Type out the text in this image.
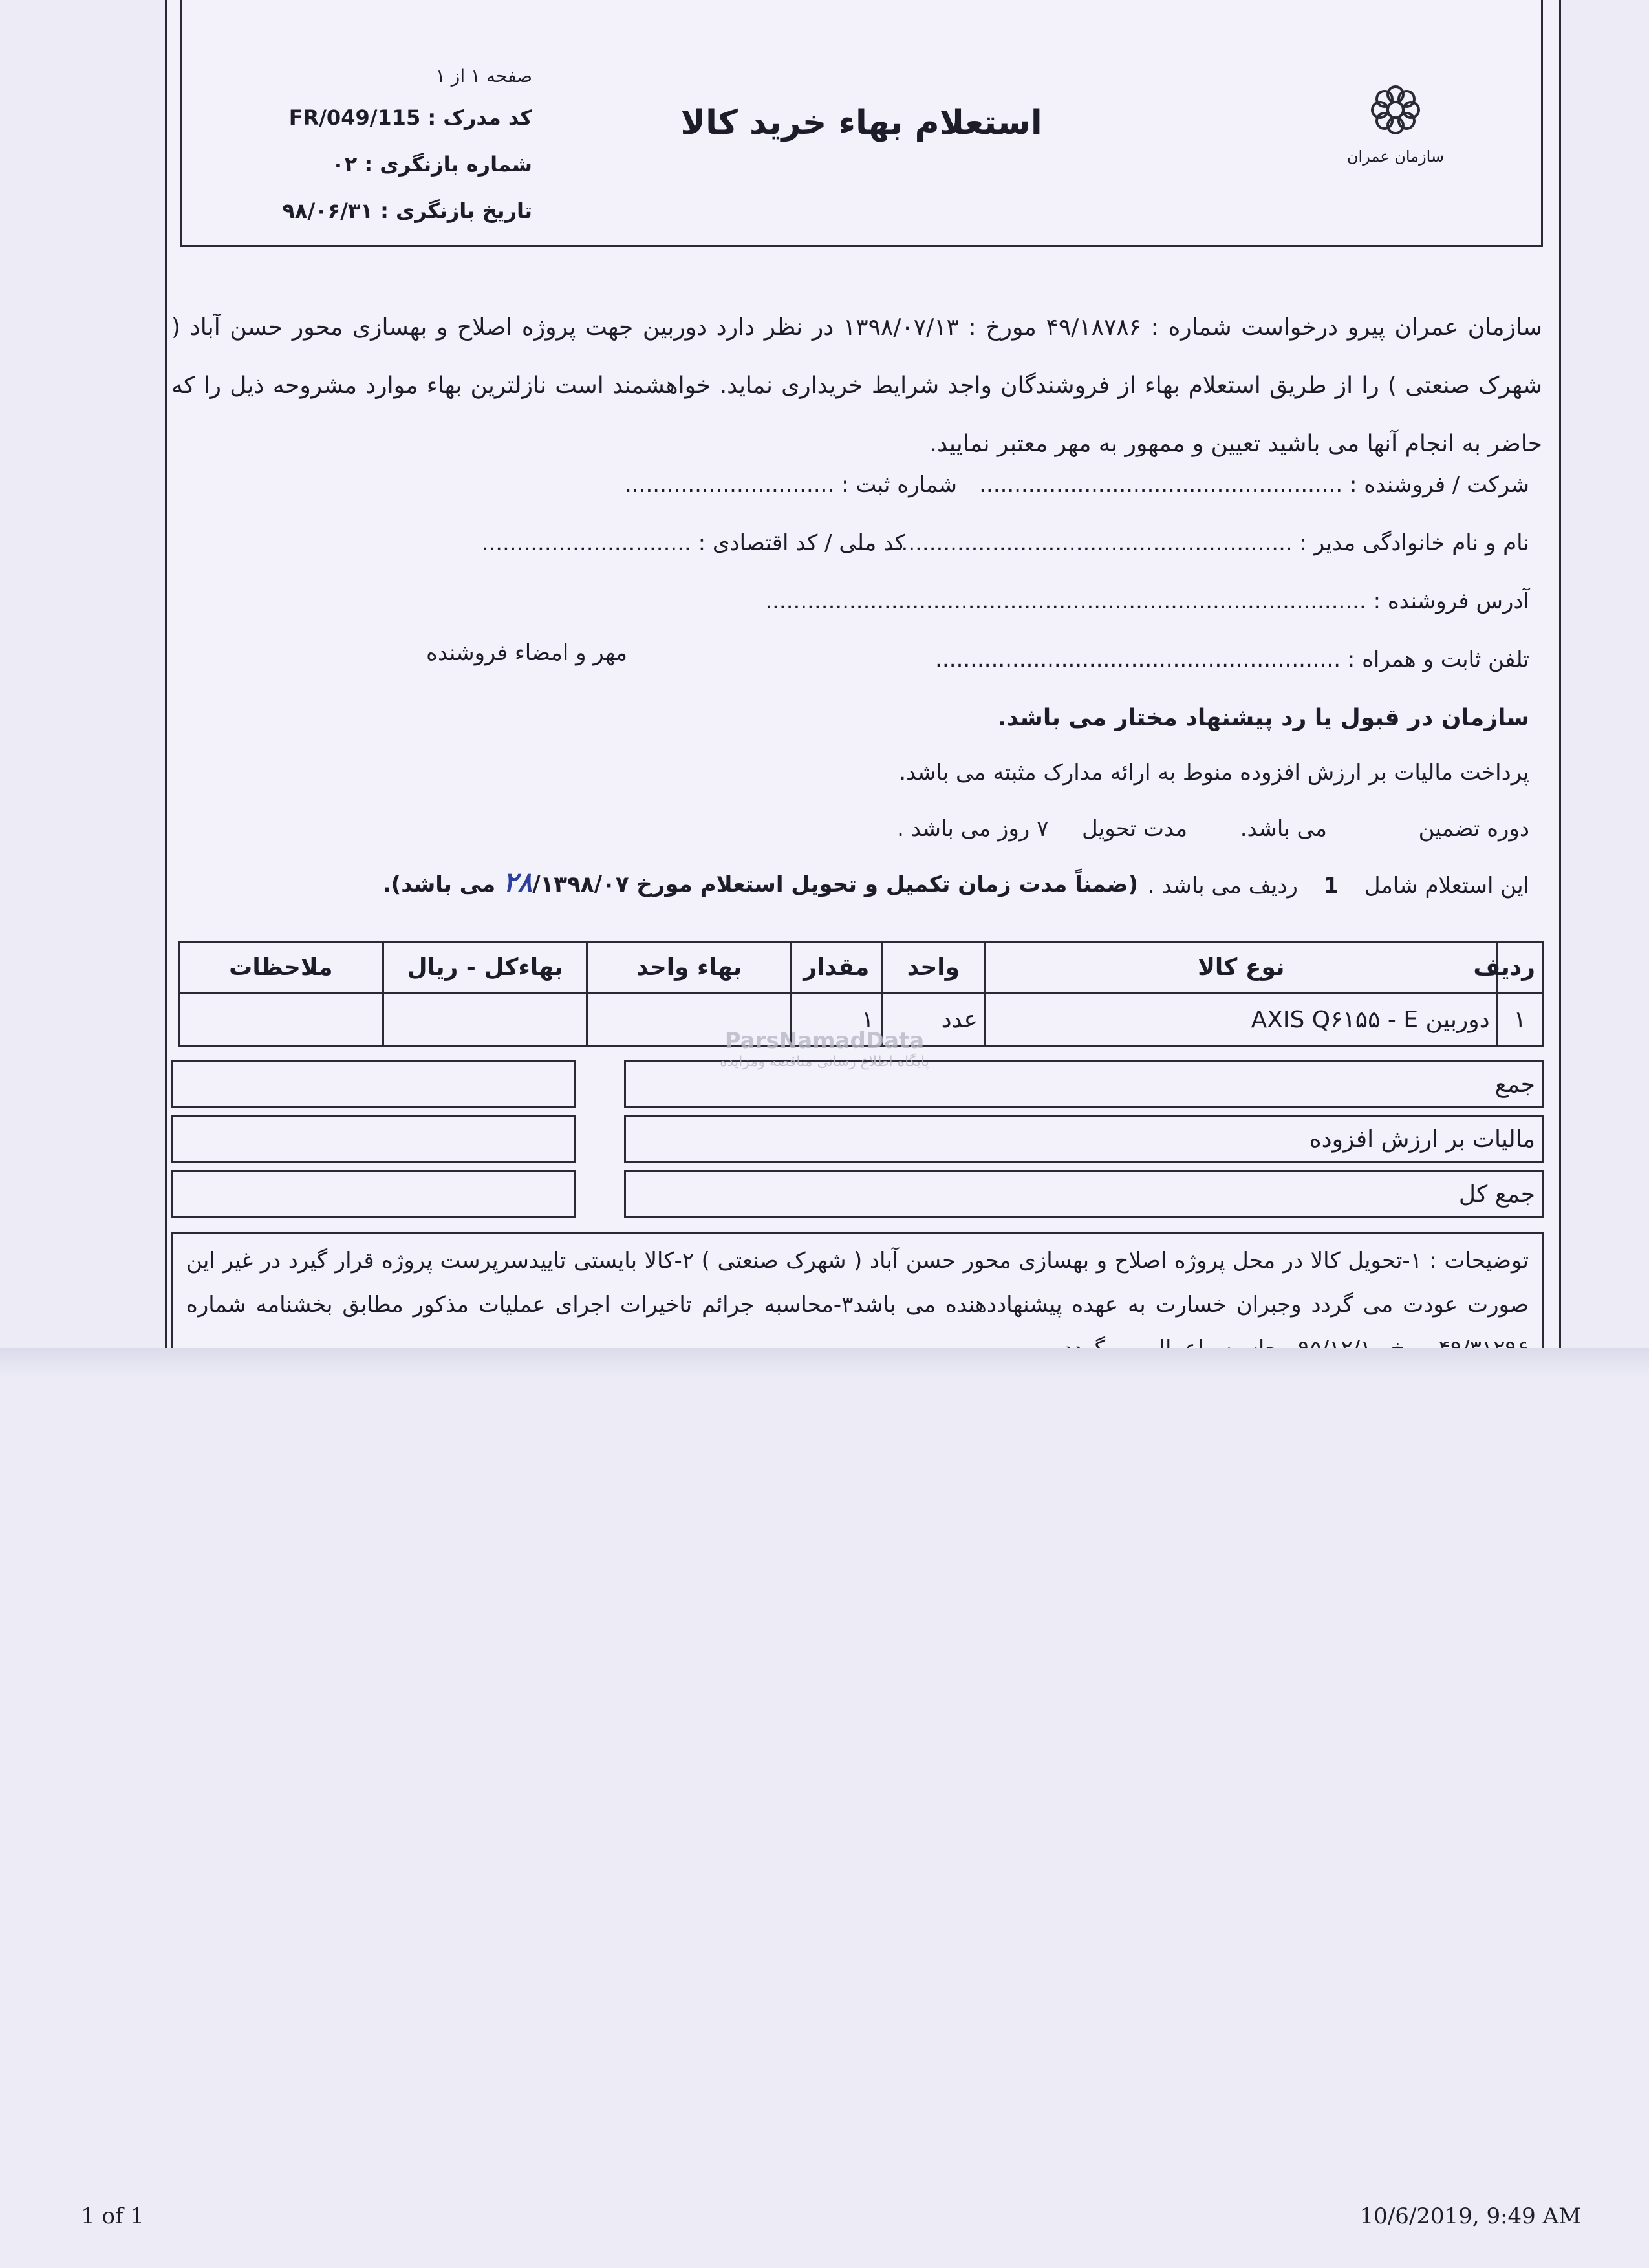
سازمان عمران
استعلام بهاء خرید کالا
صفحه ۱ از ۱
کد مدرک : FR/049/115
شماره بازنگری : ۰۲
تاریخ بازنگری : ۹۸/۰۶/۳۱
سازمان عمران پیرو درخواست شماره : ۴۹/۱۸۷۸۶ مورخ : ۱۳۹۸/۰۷/۱۳ در نظر دارد دوربین جهت پروژه اصلاح و بهسازی محور حسن آباد ( شهرک صنعتی ) را از طریق استعلام بهاء از فروشندگان واجد شرایط خریداری نماید. خواهشمند است نازلترین بهاء موارد مشروحه ذیل را که حاضر به انجام آنها می باشید تعیین و ممهور به مهر معتبر نمایید.
شرکت / فروشنده : ....................................................
شماره ثبت : ..............................
نام و نام خانوادگی مدیر : ..........................................................
کد ملی / کد اقتصادی : ..............................
آدرس فروشنده : ......................................................................................
تلفن ثابت و همراه : ..........................................................
مهر و امضاء فروشنده
سازمان در قبول یا رد پیشنهاد مختار می باشد.
پرداخت مالیات بر ارزش افزوده منوط به ارائه مدارک مثبته می باشد.
دوره تضمین  می باشد.  مدت تحویل  ۷ روز می باشد .
این استعلام شامل  1  ردیف می باشد .
(ضمناً مدت زمان تکمیل و تحویل استعلام مورخ ۲۸/۱۳۹۸/۰۷ می باشد).
ردیف	نوع کالا	واحد	مقدار	بهاء واحد	بهاءکل - ریال	ملاحظات
۱	دوربین AXIS Q۶۱۵۵ - E	عدد	۱			
جمع
مالیات بر ارزش افزوده
جمع کل
ParsNamadData
پایگاه اطلاع رسانی مناقصه ومزایده
توضیحات : ۱-تحویل کالا در محل پروژه اصلاح و بهسازی محور حسن آباد ( شهرک صنعتی ) ۲-کالا بایستی تاییدسرپرست پروژه قرار گیرد در غیر این صورت عودت می گردد وجبران خسارت به عهده پیشنهاددهنده می باشد۳-محاسبه جرائم تاخیرات اجرای عملیات مذکور مطابق بخشنامه شماره
1 of 1	10/6/2019, 9:49 AM
